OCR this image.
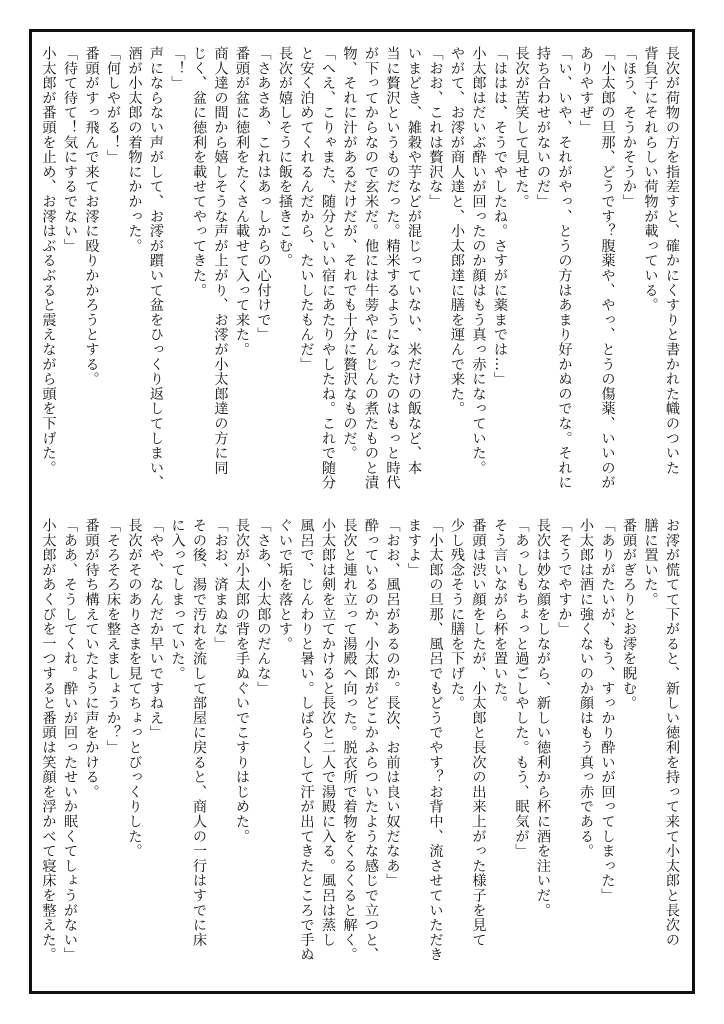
長次が荷物の方を指差すと、確かにくすりと書かれた幟のついた
背負子にそれらしい荷物が載っている。
「ほう、そうかそうか」
「小太郎の旦那、どうです？腹薬や、やっ、とうの傷薬、いいのが
ありやすぜ」
「い、いや、それがやっ、とうの方はあまり好かぬのでな。それに
持ち合わせがないのだ」
長次が苦笑して見せた。
「ははは、そうでやしたね。さすがに薬までは…」
小太郎はだいぶ酔いが回ったのか顔はもう真っ赤になっていた。
やがて、お澪が商人達と、小太郎達に膳を運んで来た。
「おお、これは贅沢な」
いまどき、雑穀や芋などが混じっていない、米だけの飯など、本
当に贅沢というものだった。精米するようになったのはもっと時代
が下ってからなので玄米だ。他には牛蒡やにんじんの煮たものと漬
物、それに汁があるだけだが、それでも十分に贅沢なものだ。
「へえ、こりゃまた、随分といい宿にあたりやしたね。これで随分
と安く泊めてくれるんだから、たいしたもんだ」
長次が嬉しそうに飯を掻きこむ。
「さあさあ、これはあっしからの心付けで」
番頭が盆に徳利をたくさん載せて入って来た。
商人達の間から嬉しそうな声が上がり、お澪が小太郎達の方に同
じく、盆に徳利を載せてやってきた。
「！」
声にならない声がして、お澪が躓いて盆をひっくり返してしまい、
酒が小太郎の着物にかかった。
「何しやがる！」
番頭がすっ飛んで来てお澪に殴りかかろうとする。
「待て待て！気にするでない」
小太郎が番頭を止め、お澪はぶるぶると震えながら頭を下げた。
お澪が慌てて下がると、新しい徳利を持って来て小太郎と長次の
膳に置いた。
番頭がぎろりとお澪を睨む。
「ありがたいが、もう、すっかり酔いが回ってしまった」
小太郎は酒に強くないのか顔はもう真っ赤である。
「そうでやすか」
長次は妙な顔をしながら、新しい徳利から杯に酒を注いだ。
「あっしもちょっと過ごしやした。もう、眠気が」
そう言いながら杯を置いた。
番頭は渋い顔をしたが、小太郎と長次の出来上がった様子を見て
少し残念そうに膳を下げた。
「小太郎の旦那、風呂でもどうでやす？お背中、流させていただき
ますよ」
「おお、風呂があるのか。長次、お前は良い奴だなあ」
酔っているのか、小太郎がどこかふらついたような感じで立つと、
長次と連れ立って湯殿へ向った。脱衣所で着物をくるくると解く。
小太郎は剣を立てかけると長次と二人で湯殿に入る。風呂は蒸し
風呂で、じんわりと暑い。しばらくして汗が出てきたところで手ぬ
ぐいで垢を落とす。
「さあ、小太郎のだんな」
長次が小太郎の背を手ぬぐいでこすりはじめた。
「おお、済まぬな」
その後、湯で汚れを流して部屋に戻ると、商人の一行はすでに床
に入ってしまっていた。
「やや、なんだか早いですねえ」
長次がそのありさまを見てちょっとびっくりした。
「そろそろ床を整えましょうか？」
番頭が待ち構えていたように声をかける。
「ああ、そうしてくれ。酔いが回ったせいか眠くてしょうがない」
小太郎があくびを一つすると番頭は笑顔を浮かべて寝床を整えた。
